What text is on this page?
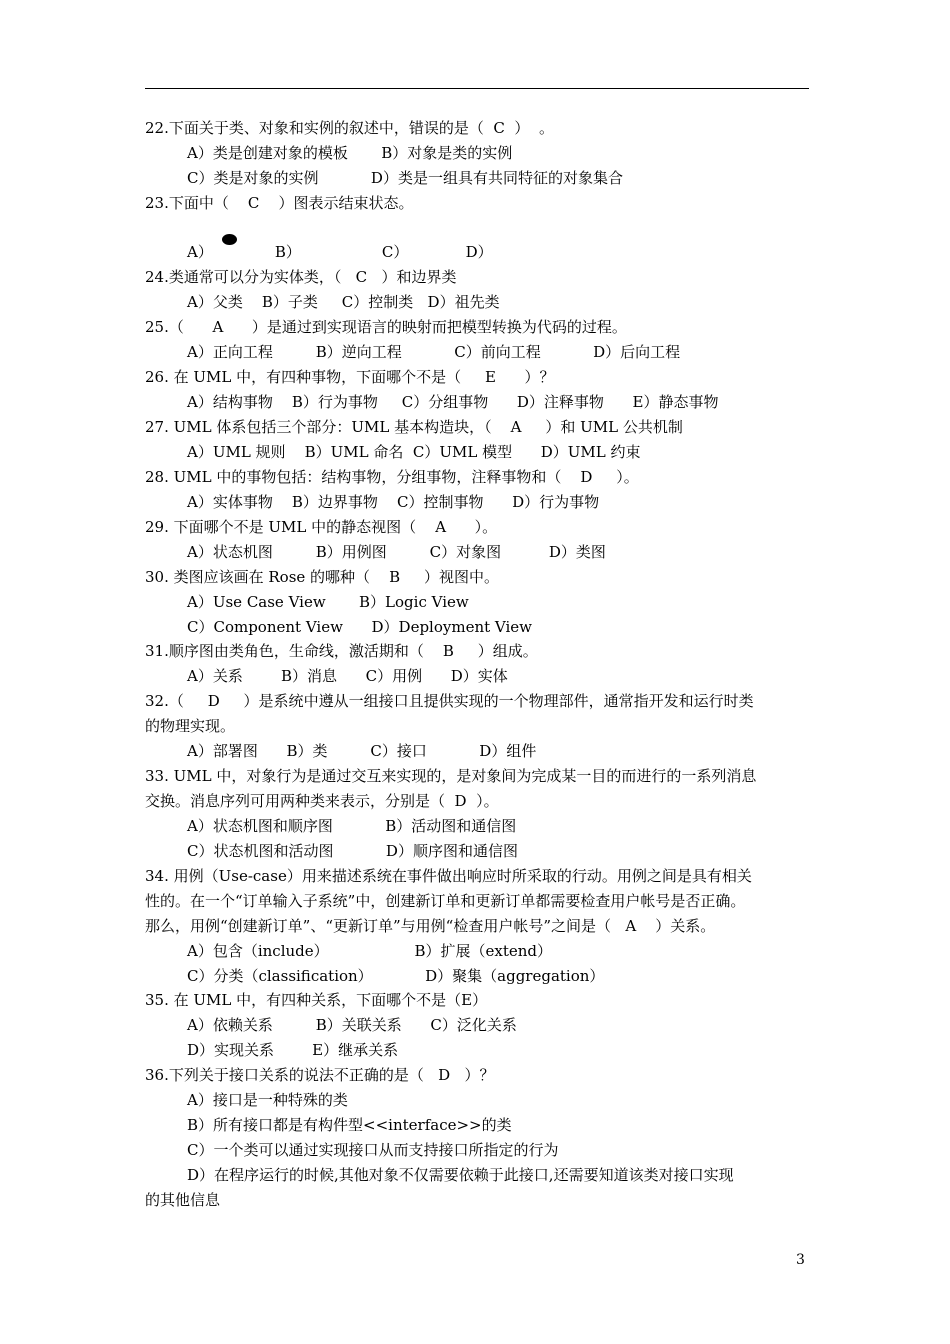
22.下面关于类、对象和实例的叙述中，错误的是（  C  ）  。
A）类是创建对象的模板       B）对象是类的实例
C）类是对象的实例           D）类是一组具有共同特征的对象集合
23.下面中（    C    ）图表示结束状态。
A）             B）                 C）            D）
24.类通常可以分为实体类，（   C   ）和边界类
A）父类    B）子类     C）控制类   D）祖先类
25.（      A      ）是通过到实现语言的映射而把模型转换为代码的过程。
A）正向工程         B）逆向工程           C）前向工程           D）后向工程
26. 在 UML 中，有四种事物，下面哪个不是（     E      ）？
A）结构事物    B）行为事物     C）分组事物      D）注释事物      E）静态事物
27. UML 体系包括三个部分：UML 基本构造块，（    A     ）和 UML 公共机制
A）UML 规则    B）UML 命名  C）UML 模型      D）UML 约束
28. UML 中的事物包括：结构事物，分组事物，注释事物和（    D     ）。
A）实体事物    B）边界事物    C）控制事物      D）行为事物
29. 下面哪个不是 UML 中的静态视图（    A      ）。
A）状态机图         B）用例图         C）对象图          D）类图
30. 类图应该画在 Rose 的哪种（    B     ）视图中。
A）Use Case View       B）Logic View
C）Component View      D）Deployment View
31.顺序图由类角色，生命线，激活期和（    B     ）组成。
A）关系        B）消息      C）用例      D）实体
32.（     D     ）是系统中遵从一组接口且提供实现的一个物理部件，通常指开发和运行时类
的物理实现。
A）部署图      B）类         C）接口           D）组件
33. UML 中，对象行为是通过交互来实现的，是对象间为完成某一目的而进行的一系列消息
交换。消息序列可用两种类来表示，分别是（  D  ）。
A）状态机图和顺序图           B）活动图和通信图
C）状态机图和活动图           D）顺序图和通信图
34. 用例（Use-case）用来描述系统在事件做出响应时所采取的行动。用例之间是具有相关
性的。在一个“订单输入子系统”中，创建新订单和更新订单都需要检查用户帐号是否正确。
那么，用例“创建新订单”、“更新订单”与用例“检查用户帐号”之间是（   A    ）关系。
A）包含（include）                  B）扩展（extend）
C）分类（classification）           D）聚集（aggregation）
35. 在 UML 中，有四种关系，下面哪个不是（E）
A）依赖关系         B）关联关系      C）泛化关系
D）实现关系        E）继承关系
36.下列关于接口关系的说法不正确的是（   D   ）？
A）接口是一种特殊的类
B）所有接口都是有构件型<<interface>>的类
C）一个类可以通过实现接口从而支持接口所指定的行为
D）在程序运行的时候,其他对象不仅需要依赖于此接口,还需要知道该类对接口实现
的其他信息
3
